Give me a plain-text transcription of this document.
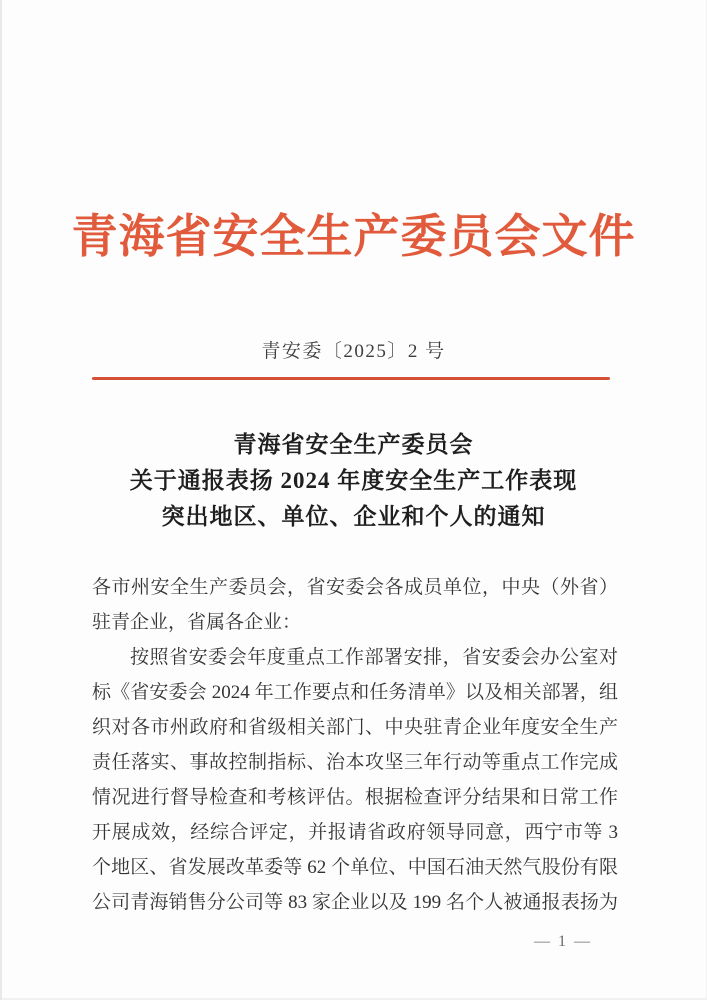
青海省安全生产委员会文件
青安委〔2025〕2 号
青海省安全生产委员会
关于通报表扬 2024 年度安全生产工作表现
突出地区、单位、企业和个人的通知
各市州安全生产委员会，省安委会各成员单位，中央（外省）
驻青企业，省属各企业：
按照省安委会年度重点工作部署安排，省安委会办公室对
标《省安委会 2024 年工作要点和任务清单》以及相关部署，组
织对各市州政府和省级相关部门、中央驻青企业年度安全生产
责任落实、事故控制指标、治本攻坚三年行动等重点工作完成
情况进行督导检查和考核评估。根据检查评分结果和日常工作
开展成效，经综合评定，并报请省政府领导同意，西宁市等 3
个地区、省发展改革委等 62 个单位、中国石油天然气股份有限
公司青海销售分公司等 83 家企业以及 199 名个人被通报表扬为
— 1 —
